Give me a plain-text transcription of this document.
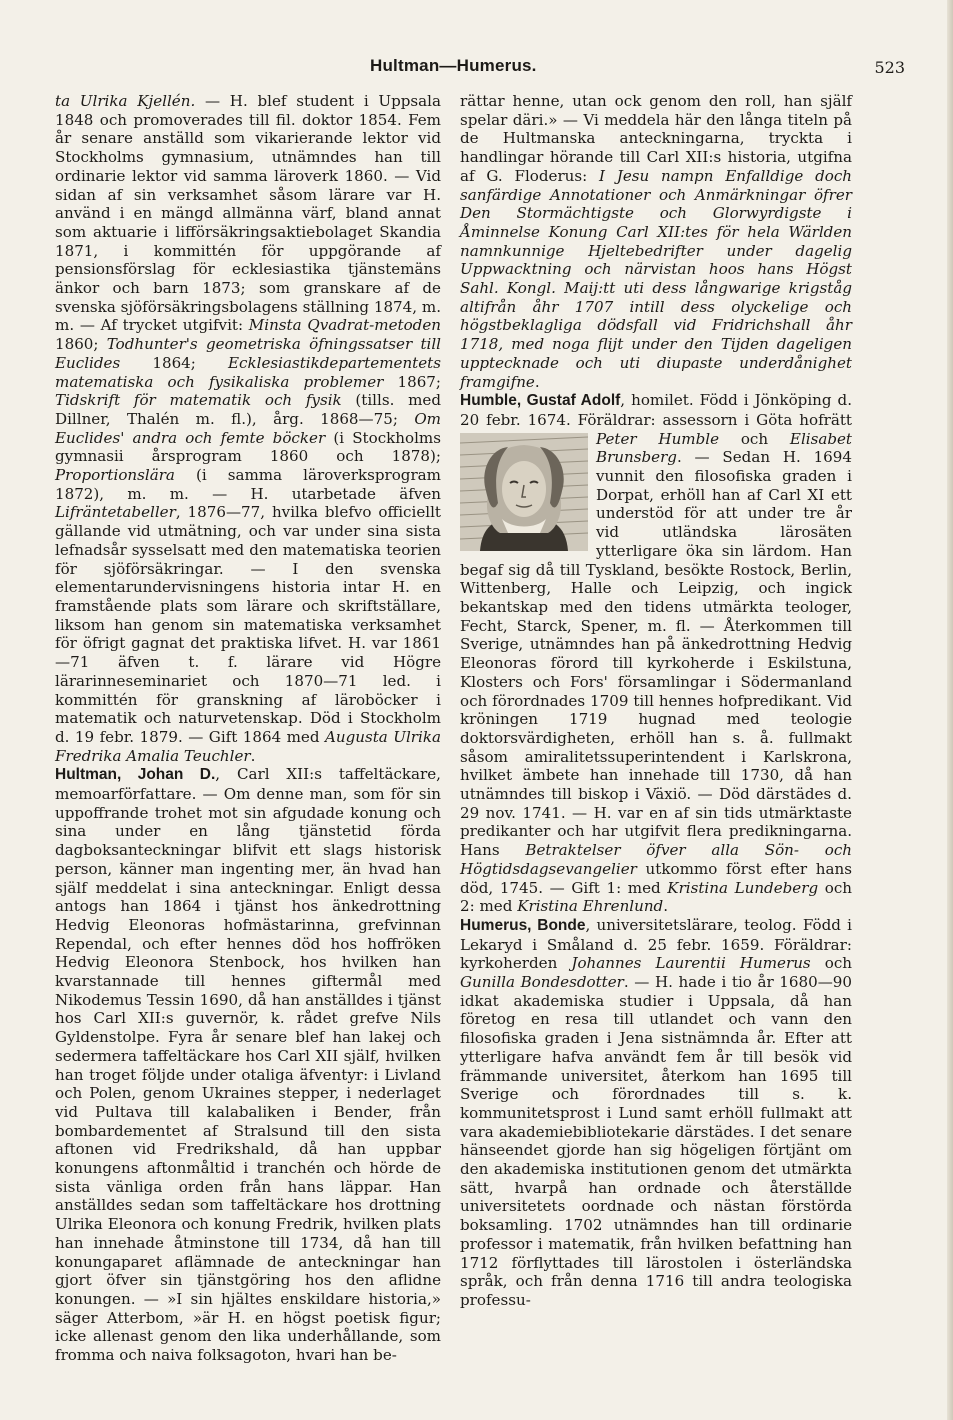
Hultman—Humerus.	523

ta Ulrika Kjellén. — H. blef student i Uppsala 1848 och promoverades till fil. doktor 1854. Fem år senare anställd som vikarierande lektor vid Stockholms gymnasium, utnämndes han till ordinarie lektor vid samma läroverk 1860. — Vid sidan af sin verksamhet såsom lärare var H. använd i en mängd allmänna värf, bland annat som aktuarie i lifförsäkringsaktiebolaget Skandia 1871, i kommittén för uppgörande af pensionsförslag för ecklesiastika tjänstemäns änkor och barn 1873; som granskare af de svenska sjöförsäkringsbolagens ställning 1874, m. m. — Af trycket utgifvit: Minsta Qvadrat-metoden 1860; Todhunter's geometriska öfningssatser till Euclides 1864; Ecklesiastikdepartementets matematiska och fysikaliska problemer 1867; Tidskrift för matematik och fysik (tills. med Dillner, Thalén m. fl.), årg. 1868—75; Om Euclides' andra och femte böcker (i Stockholms gymnasii årsprogram 1860 och 1878); Proportionslära (i samma läroverksprogram 1872), m. m. — H. utarbetade äfven Lifräntetabeller, 1876—77, hvilka blefvo officiellt gällande vid utmätning, och var under sina sista lefnadsår sysselsatt med den matematiska teorien för sjöförsäkringar. — I den svenska elementarundervisningens historia intar H. en framstående plats som lärare och skriftställare, liksom han genom sin matematiska verksamhet för öfrigt gagnat det praktiska lifvet. H. var 1861—71 äfven t. f. lärare vid Högre lärarinneseminariet och 1870—71 led. i kommittén för granskning af läroböcker i matematik och naturvetenskap. Död i Stockholm d. 19 febr. 1879. — Gift 1864 med Augusta Ulrika Fredrika Amalia Teuchler.

Hultman, Johan D., Carl XII:s taffeltäckare, memoarförfattare. — Om denne man, som för sin uppoffrande trohet mot sin afgudade konung och sina under en lång tjänstetid förda dagboksanteckningar blifvit ett slags historisk person, känner man ingenting mer, än hvad han själf meddelat i sina anteckningar. Enligt dessa antogs han 1864 i tjänst hos änkedrottning Hedvig Eleonoras hofmästarinna, grefvinnan Rependal, och efter hennes död hos hoffröken Hedvig Eleonora Stenbock, hos hvilken han kvarstannade till hennes giftermål med Nikodemus Tessin 1690, då han anställdes i tjänst hos Carl XII:s guvernör, k. rådet grefve Nils Gyldenstolpe. Fyra år senare blef han lakej och sedermera taffeltäckare hos Carl XII själf, hvilken han troget följde under otaliga äfventyr: i Livland och Polen, genom Ukraines stepper, i nederlaget vid Pultava till kalabaliken i Bender, från bombardementet af Stralsund till den sista aftonen vid Fredrikshald, då han uppbar konungens aftonmåltid i tranchén och hörde de sista vänliga orden från hans läppar. Han anställdes sedan som taffeltäckare hos drottning Ulrika Eleonora och konung Fredrik, hvilken plats han innehade åtminstone till 1734, då han till konungaparet aflämnade de anteckningar han gjort öfver sin tjänstgöring hos den aflidne konungen. — »I sin hjältes enskildare historia,» säger Atterbom, »är H. en högst poetisk figur; icke allenast genom den lika underhållande, som fromma och naiva folksagoton, hvari han be-

rättar henne, utan ock genom den roll, han själf spelar däri.» — Vi meddela här den långa titeln på de Hultmanska anteckningarna, tryckta i handlingar hörande till Carl XII:s historia, utgifna af G. Floderus: I Jesu nampn Enfalldige doch sanfärdige Annotationer och Anmärkningar öfrer Den Stormächtigste och Glorwyrdigste i Åminnelse Konung Carl XII:tes för hela Wärlden namnkunnige Hjeltebedrifter under dagelig Uppwacktning och närvistan hoos hans Högst Sahl. Kongl. Maij:tt uti dess långwarige krigståg altifrån åhr 1707 intill dess olyckelige och högstbeklagliga dödsfall vid Fridrichshall åhr 1718, med noga flijt under den Tijden dageligen upptecknade och uti diupaste underdånighet framgifne.

Humble, Gustaf Adolf, homilet. Född i Jönköping d. 20 febr. 1674. Föräldrar: assessorn i Göta hofrätt
Peter Humble och Elisabet Brunsberg. — Sedan H. 1694 vunnit den filosofiska graden i Dorpat, erhöll han af Carl XI ett understöd för att under tre år vid utländska lärosäten ytterligare öka sin lärdom. Han begaf sig då till Tyskland, besökte Rostock, Berlin, Wittenberg, Halle och Leipzig, och ingick bekantskap med den tidens utmärkta teologer, Fecht, Starck, Spener, m. fl. — Återkommen till Sverige, utnämndes han på änkedrottning Hedvig Eleonoras förord till kyrkoherde i Eskilstuna, Klosters och Fors' församlingar i Södermanland och förordnades 1709 till hennes hofpredikant. Vid kröningen 1719 hugnad med teologie doktorsvärdigheten, erhöll han s. å. fullmakt såsom amiralitetssuperintendent i Karlskrona, hvilket ämbete han innehade till 1730, då han utnämndes till biskop i Växiö. — Död därstädes d. 29 nov. 1741. — H. var en af sin tids utmärktaste predikanter och har utgifvit flera predikningarna. Hans Betraktelser öfver alla Sön- och Högtidsdagsevangelier utkommo först efter hans död, 1745. — Gift 1: med Kristina Lundeberg och 2: med Kristina Ehrenlund.

Humerus, Bonde, universitetslärare, teolog. Född i Lekaryd i Småland d. 25 febr. 1659. Föräldrar: kyrkoherden Johannes Laurentii Humerus och Gunilla Bondesdotter. — H. hade i tio år 1680—90 idkat akademiska studier i Uppsala, då han företog en resa till utlandet och vann den filosofiska graden i Jena sistnämnda år. Efter att ytterligare hafva användt fem år till besök vid främmande universitet, återkom han 1695 till Sverige och förordnades till s. k. kommunitetsprost i Lund samt erhöll fullmakt att vara akademiebibliotekarie därstädes. I det senare hänseendet gjorde han sig högeligen förtjänt om den akademiska institutionen genom det utmärkta sätt, hvarpå han ordnade och återställde universitetets oordnade och nästan förstörda boksamling. 1702 utnämndes han till ordinarie professor i matematik, från hvilken befattning han 1712 förflyttades till lärostolen i österländska språk, och från denna 1716 till andra teologiska professu-
